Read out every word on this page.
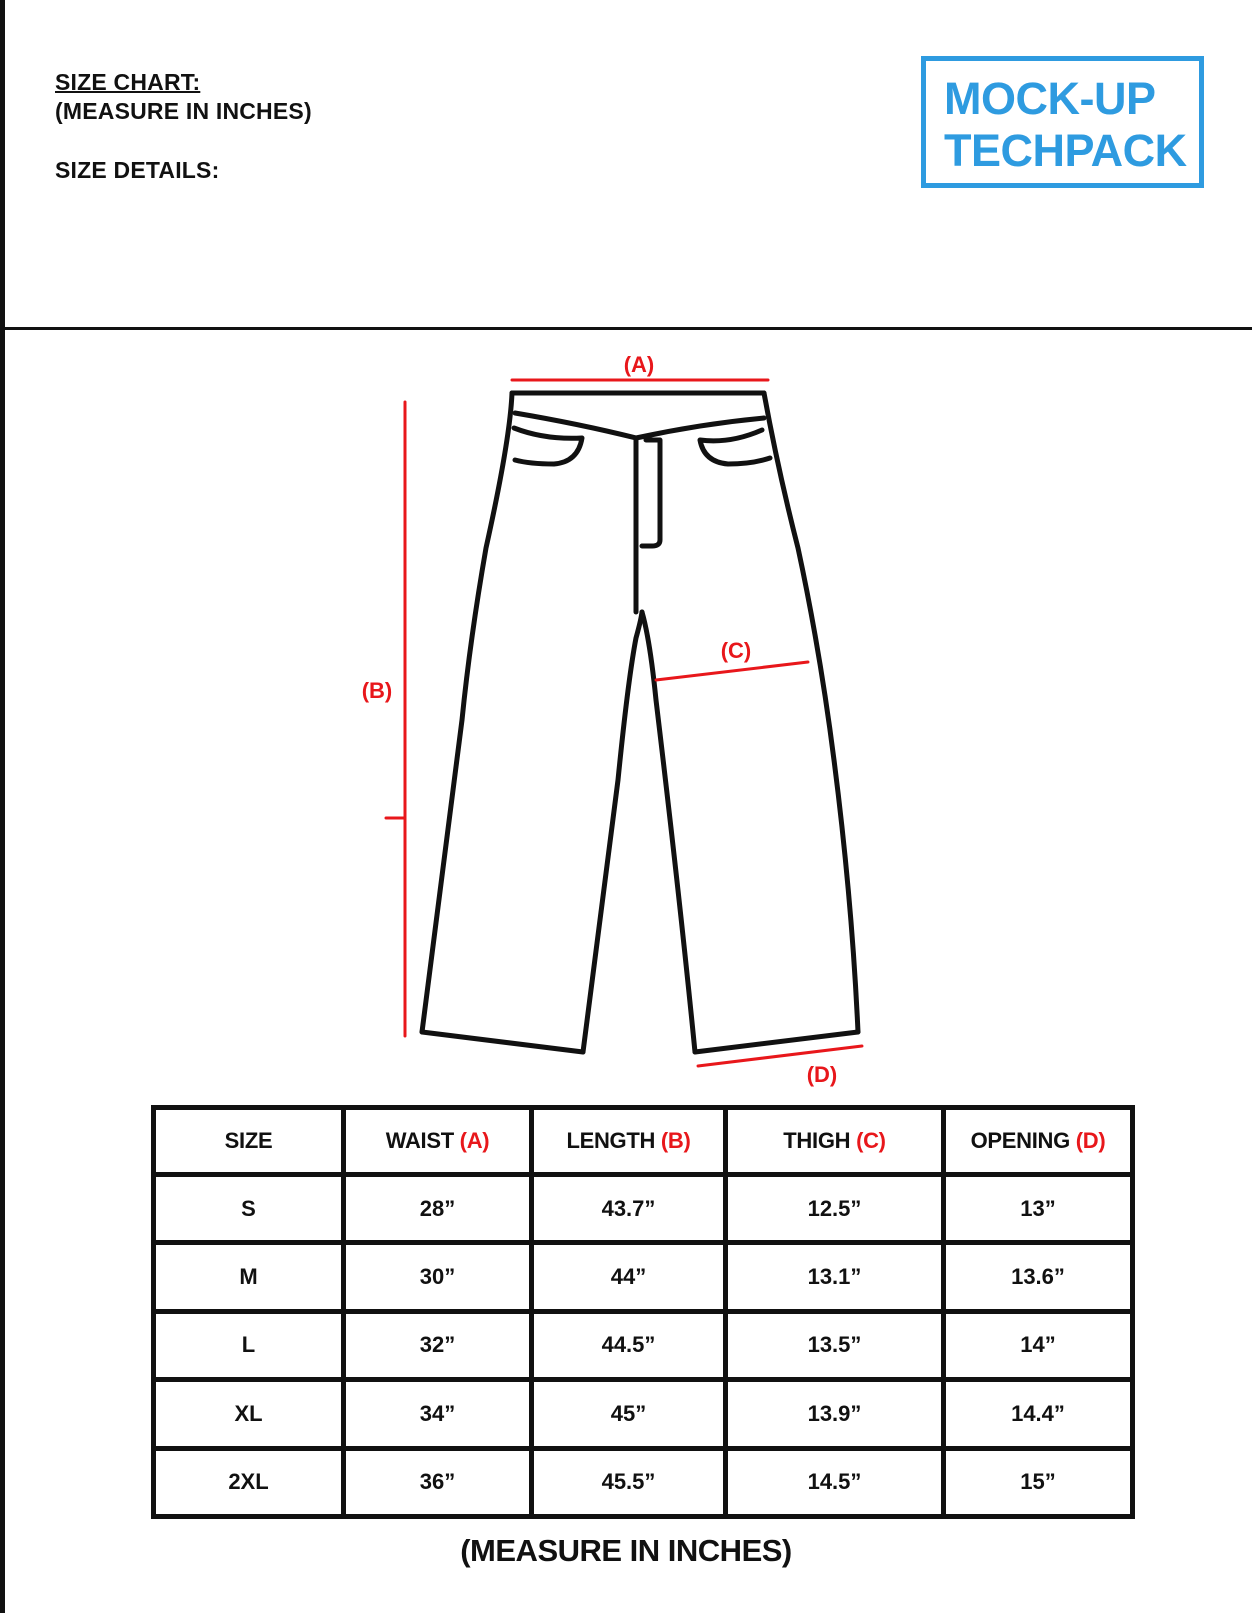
SIZE CHART:
(MEASURE IN INCHES)
SIZE DETAILS:
MOCK-UP
TECHPACK
(A)
(B)
(C)
(D)
SIZE	WAIST (A)	LENGTH (B)	THIGH (C)	OPENING (D)
S	28”	43.7”	12.5”	13”
M	30”	44”	13.1”	13.6”
L	32”	44.5”	13.5”	14”
XL	34”	45”	13.9”	14.4”
2XL	36”	45.5”	14.5”	15”
(MEASURE IN INCHES)
